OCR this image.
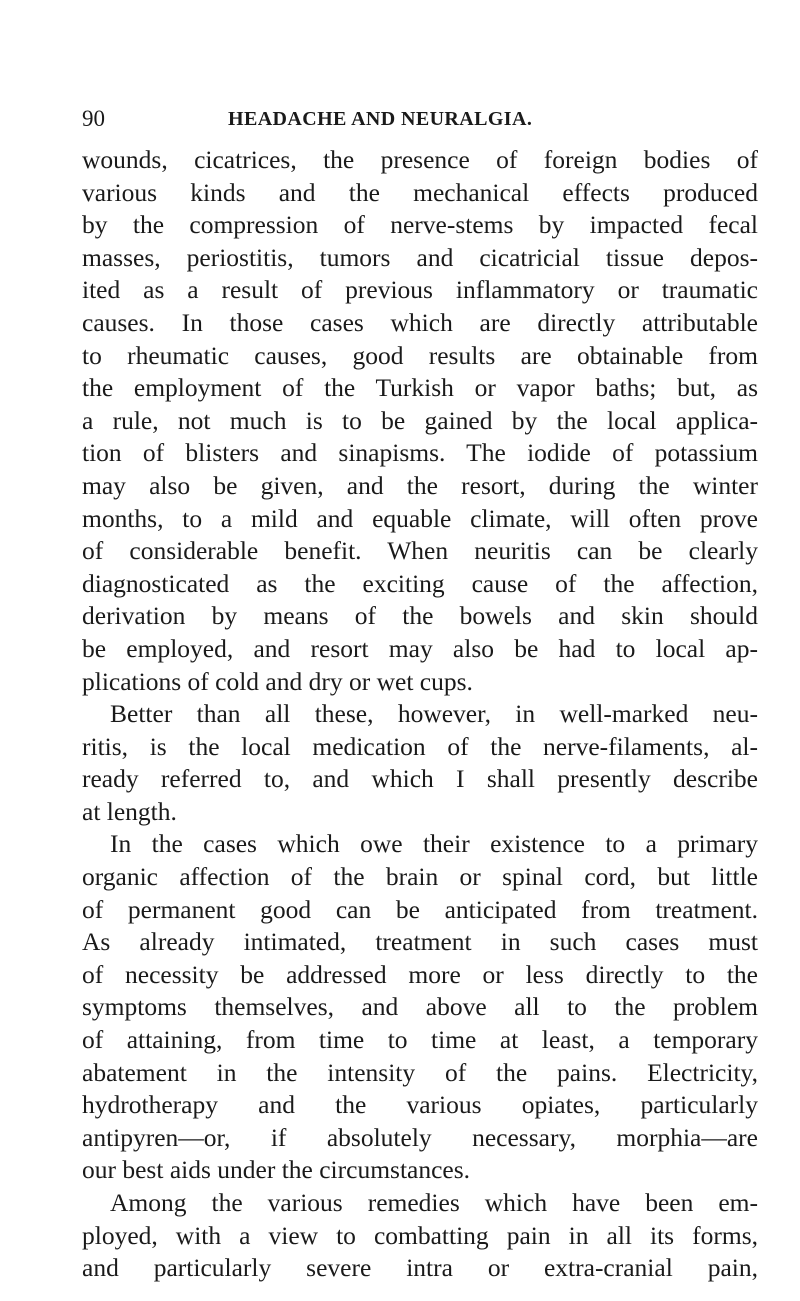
90	HEADACHE AND NEURALGIA.
wounds, cicatrices, the presence of foreign bodies of
various kinds and the mechanical effects produced
by the compression of nerve-stems by impacted fecal
masses, periostitis, tumors and cicatricial tissue depos-
ited as a result of previous inflammatory or traumatic
causes. In those cases which are directly attributable
to rheumatic causes, good results are obtainable from
the employment of the Turkish or vapor baths; but, as
a rule, not much is to be gained by the local applica-
tion of blisters and sinapisms. The iodide of potassium
may also be given, and the resort, during the winter
months, to a mild and equable climate, will often prove
of considerable benefit. When neuritis can be clearly
diagnosticated as the exciting cause of the affection,
derivation by means of the bowels and skin should
be employed, and resort may also be had to local ap-
plications of cold and dry or wet cups.
Better than all these, however, in well-marked neu-
ritis, is the local medication of the nerve-filaments, al-
ready referred to, and which I shall presently describe
at length.
In the cases which owe their existence to a primary
organic affection of the brain or spinal cord, but little
of permanent good can be anticipated from treatment.
As already intimated, treatment in such cases must
of necessity be addressed more or less directly to the
symptoms themselves, and above all to the problem
of attaining, from time to time at least, a temporary
abatement in the intensity of the pains. Electricity,
hydrotherapy and the various opiates, particularly
antipyren—or, if absolutely necessary, morphia—are
our best aids under the circumstances.
Among the various remedies which have been em-
ployed, with a view to combatting pain in all its forms,
and particularly severe intra or extra-cranial pain,
